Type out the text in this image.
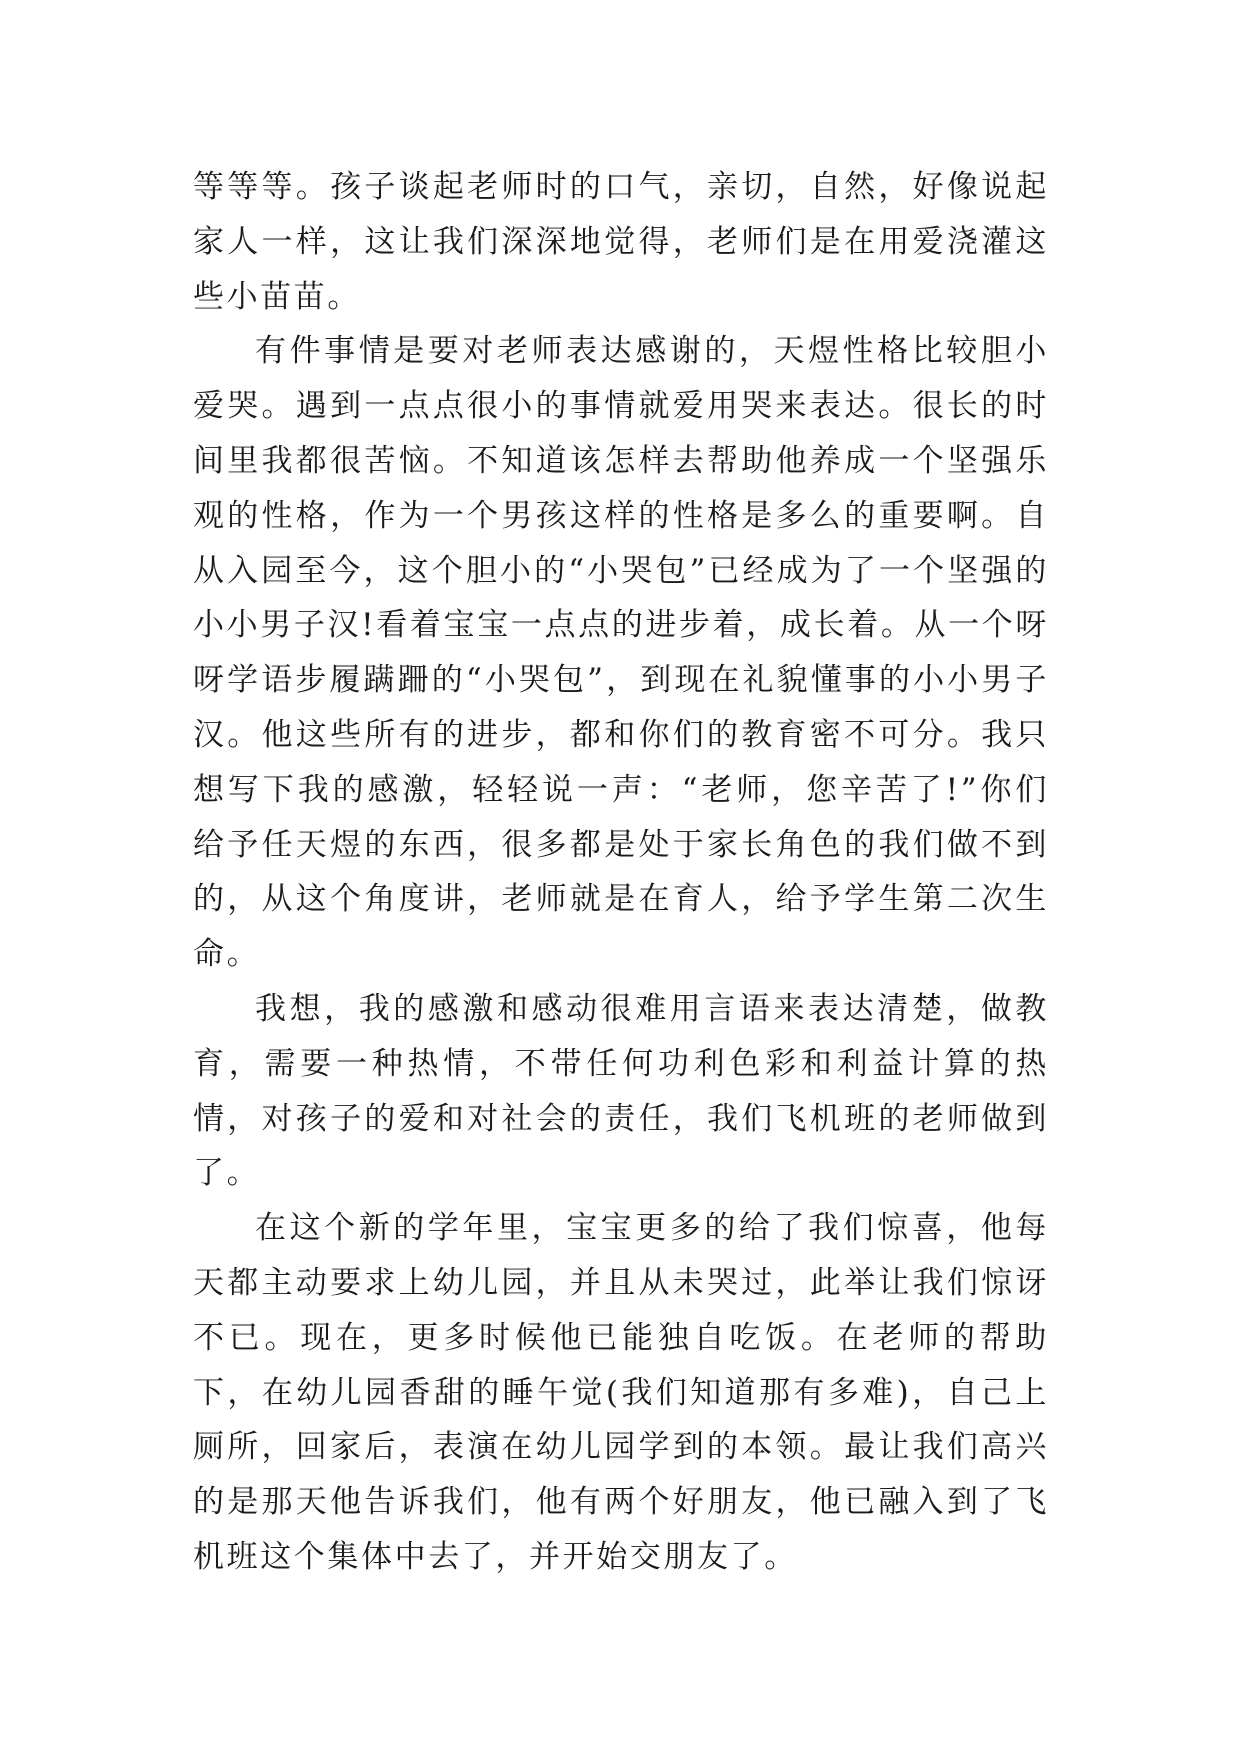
等等等。孩子谈起老师时的口气，亲切，自然，好像说起家人一样，这让我们深深地觉得，老师们是在用爱浇灌这些小苗苗。

有件事情是要对老师表达感谢的，天煜性格比较胆小爱哭。遇到一点点很小的事情就爱用哭来表达。很长的时间里我都很苦恼。不知道该怎样去帮助他养成一个坚强乐观的性格，作为一个男孩这样的性格是多么的重要啊。自从入园至今，这个胆小的“小哭包”已经成为了一个坚强的小小男子汉!看着宝宝一点点的进步着，成长着。从一个呀呀学语步履蹒跚的“小哭包”，到现在礼貌懂事的小小男子汉。他这些所有的进步，都和你们的教育密不可分。我只想写下我的感激，轻轻说一声：“老师，您辛苦了!”你们给予任天煜的东西，很多都是处于家长角色的我们做不到的，从这个角度讲，老师就是在育人，给予学生第二次生命。

我想，我的感激和感动很难用言语来表达清楚，做教育，需要一种热情，不带任何功利色彩和利益计算的热情，对孩子的爱和对社会的责任，我们飞机班的老师做到了。

在这个新的学年里，宝宝更多的给了我们惊喜，他每天都主动要求上幼儿园，并且从未哭过，此举让我们惊讶不已。现在，更多时候他已能独自吃饭。在老师的帮助下，在幼儿园香甜的睡午觉(我们知道那有多难)，自己上厕所，回家后，表演在幼儿园学到的本领。最让我们高兴的是那天他告诉我们，他有两个好朋友，他已融入到了飞机班这个集体中去了，并开始交朋友了。
